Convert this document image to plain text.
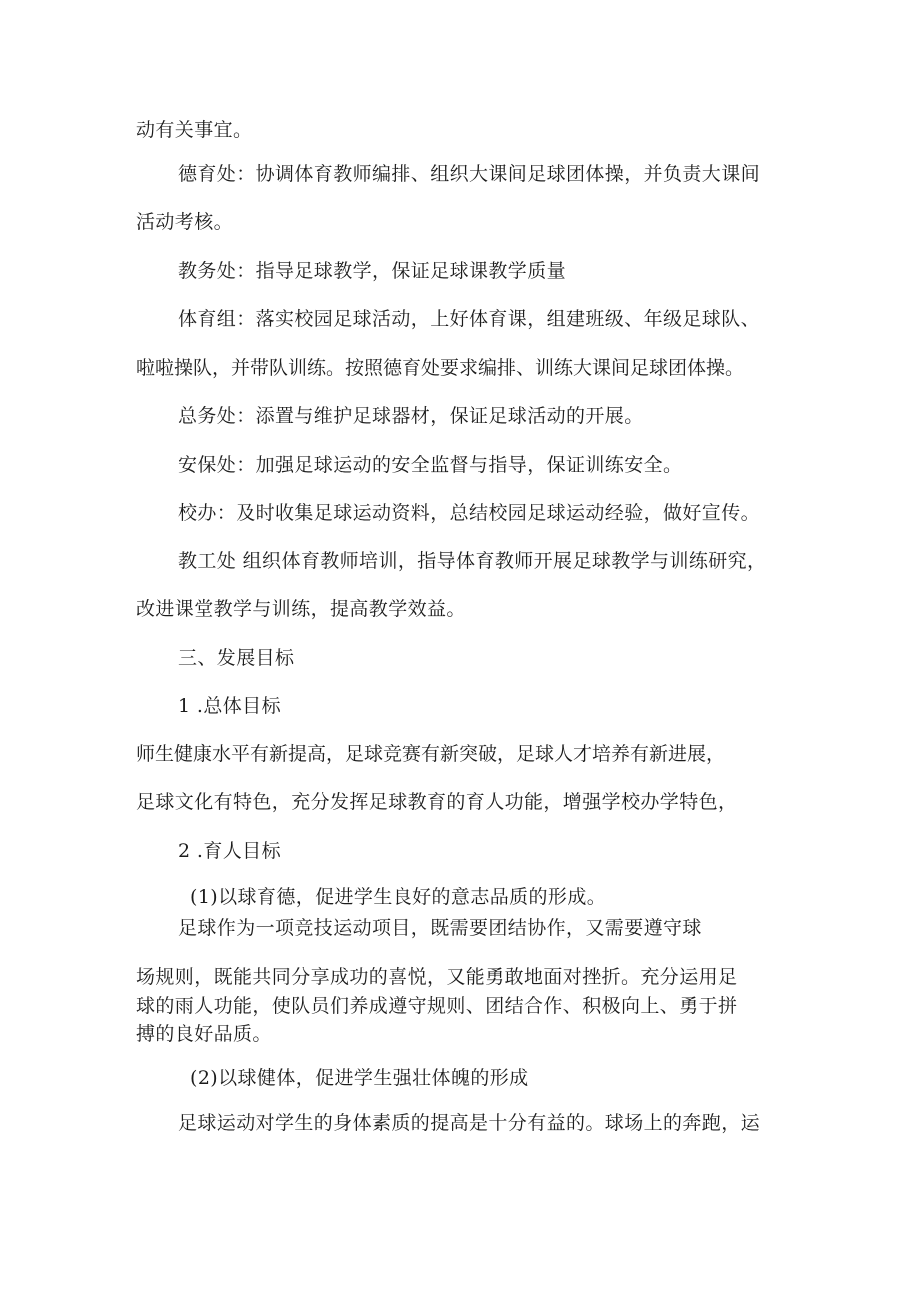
动有关事宜。

德育处：协调体育教师编排、组织大课间足球团体操，并负责大课间

活动考核。

教务处：指导足球教学，保证足球课教学质量

体育组：落实校园足球活动，上好体育课，组建班级、年级足球队、

啦啦操队，并带队训练。按照德育处要求编排、训练大课间足球团体操。

总务处：添置与维护足球器材，保证足球活动的开展。

安保处：加强足球运动的安全监督与指导，保证训练安全。

校办：及时收集足球运动资料，总结校园足球运动经验，做好宣传。

教工处 组织体育教师培训，指导体育教师开展足球教学与训练研究，

改进课堂教学与训练，提高教学效益。

三、发展目标

1 .总体目标

师生健康水平有新提高，足球竞赛有新突破，足球人才培养有新进展，

足球文化有特色，充分发挥足球教育的育人功能，增强学校办学特色，

2 .育人目标

(1)以球育德，促进学生良好的意志品质的形成。

足球作为一项竞技运动项目，既需要团结协作，又需要遵守球

场规则，既能共同分享成功的喜悦，又能勇敢地面对挫折。充分运用足

球的雨人功能，使队员们养成遵守规则、团结合作、积极向上、勇于拼

搏的良好品质。

(2)以球健体，促进学生强壮体魄的形成

足球运动对学生的身体素质的提高是十分有益的。球场上的奔跑，运
